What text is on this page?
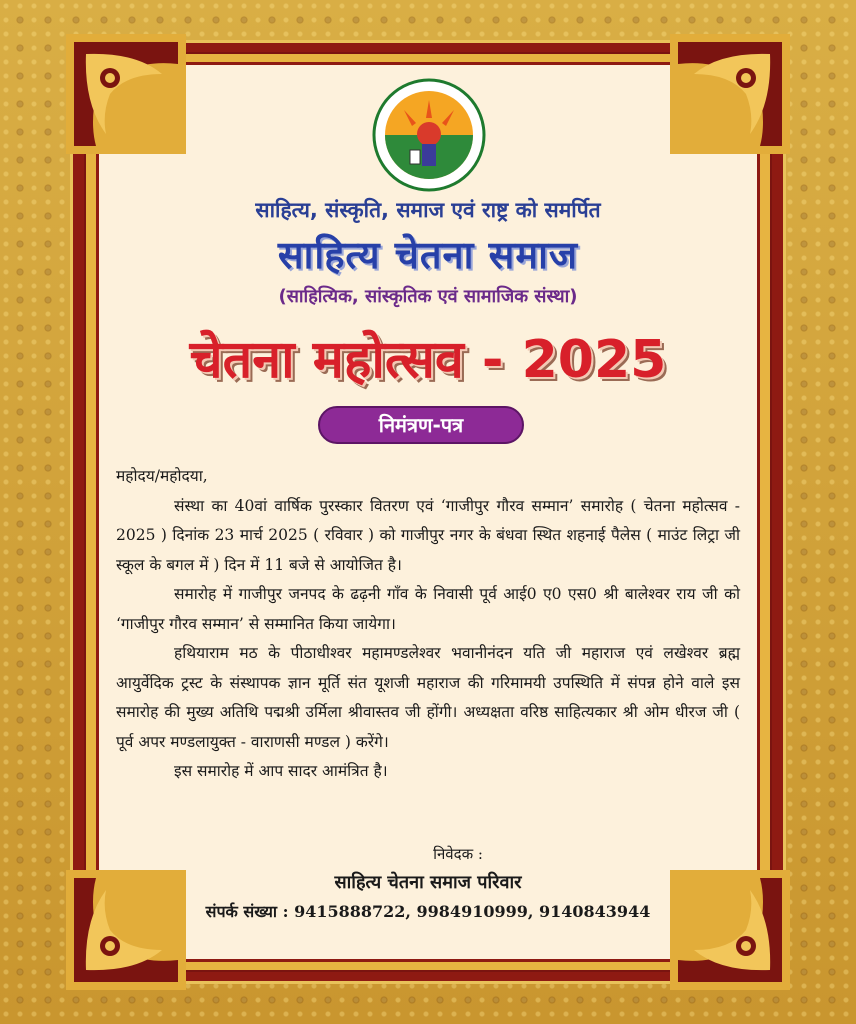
साहित्य, संस्कृति, समाज एवं राष्ट्र को समर्पित
साहित्य चेतना समाज
(साहित्यिक, सांस्कृतिक एवं सामाजिक संस्था)
चेतना महोत्सव - 2025
निमंत्रण-पत्र

महोदय/महोदया,

संस्था का 40वां वार्षिक पुरस्कार वितरण एवं ‘गाजीपुर गौरव सम्मान’ समारोह ( चेतना महोत्सव - 2025 ) दिनांक 23 मार्च 2025 ( रविवार ) को गाजीपुर नगर के बंधवा स्थित शहनाई पैलेस ( माउंट लिट्रा जी स्कूल के बगल में ) दिन में 11 बजे से आयोजित है।

समारोह में गाजीपुर जनपद के ढढ़नी गाँव के निवासी पूर्व आई0 ए0 एस0 श्री बालेश्वर राय जी को ‘गाजीपुर गौरव सम्मान’ से सम्मानित किया जायेगा।

हथियाराम मठ के पीठाधीश्वर महामण्डलेश्वर भवानीनंदन यति जी महाराज एवं लखेश्वर ब्रह्म आयुर्वेदिक ट्रस्ट के संस्थापक ज्ञान मूर्ति संत यूशजी महाराज की गरिमामयी उपस्थिति में संपन्न होने वाले इस समारोह की मुख्य अतिथि पद्मश्री उर्मिला श्रीवास्तव जी होंगी। अध्यक्षता वरिष्ठ साहित्यकार श्री ओम धीरज जी ( पूर्व अपर मण्डलायुक्त - वाराणसी मण्डल ) करेंगे।

इस समारोह में आप सादर आमंत्रित है।

निवेदक :
साहित्य चेतना समाज परिवार
संपर्क संख्या : 9415888722, 9984910999, 9140843944
